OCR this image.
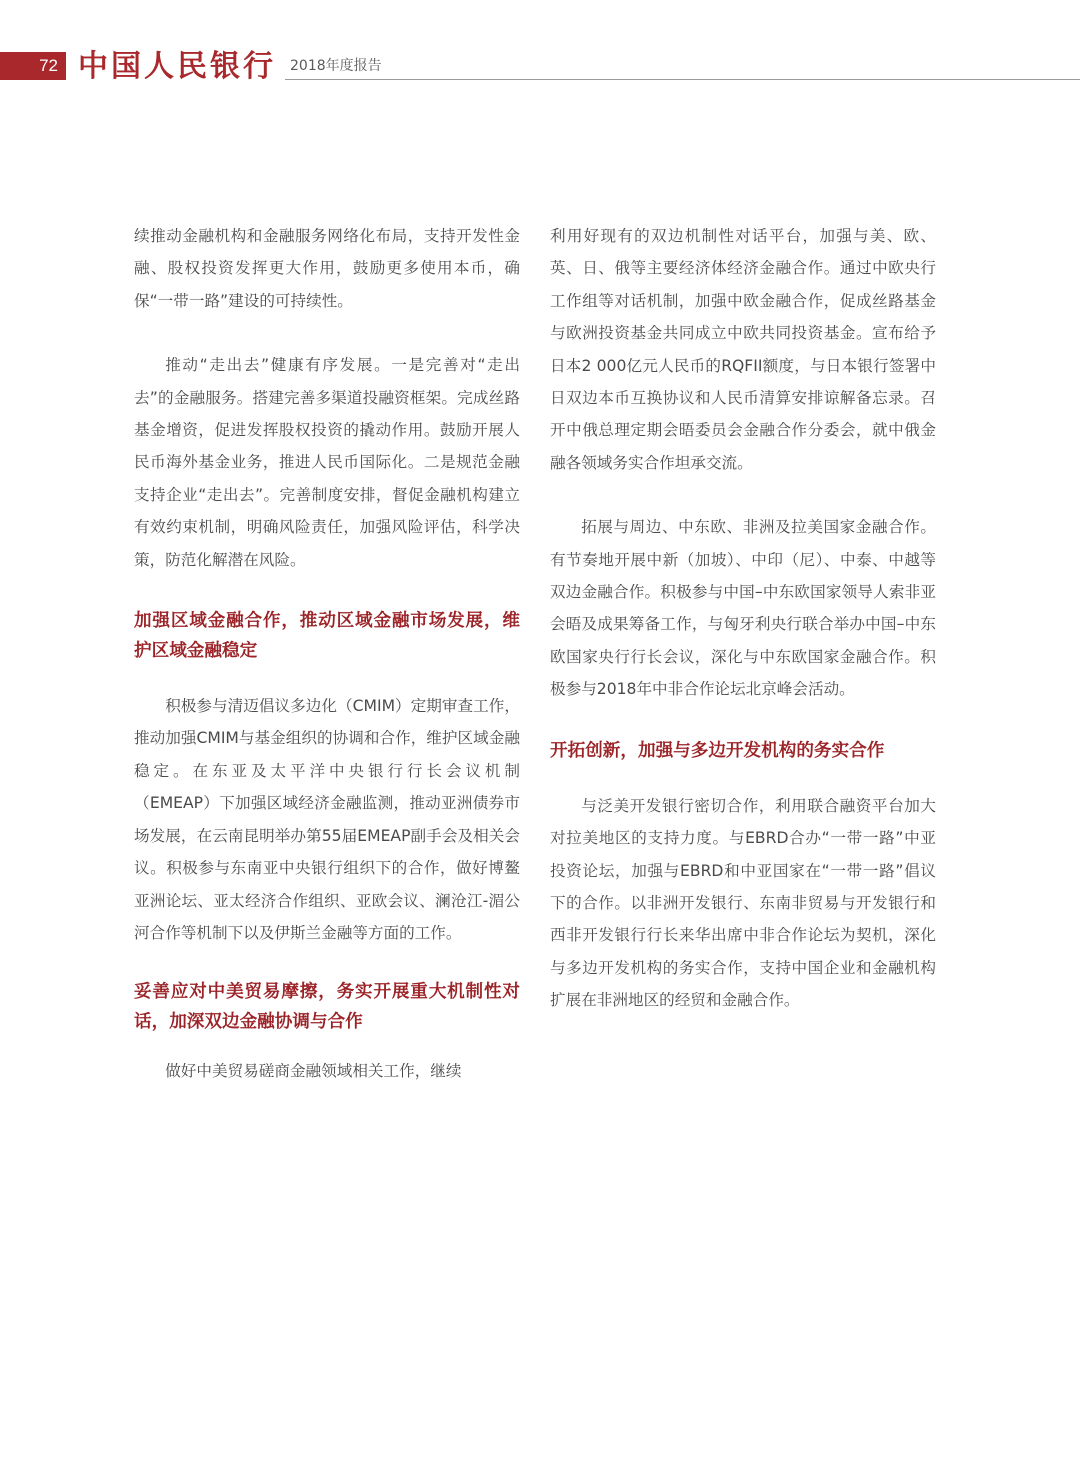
72 中国人民银行 2018年度报告

续推动金融机构和金融服务网络化布局，支持开发性金融、股权投资发挥更大作用，鼓励更多使用本币，确保“一带一路”建设的可持续性。

推动“走出去”健康有序发展。一是完善对“走出去”的金融服务。搭建完善多渠道投融资框架。完成丝路基金增资，促进发挥股权投资的撬动作用。鼓励开展人民币海外基金业务，推进人民币国际化。二是规范金融支持企业“走出去”。完善制度安排，督促金融机构建立有效约束机制，明确风险责任，加强风险评估，科学决策，防范化解潜在风险。

加强区域金融合作，推动区域金融市场发展，维护区域金融稳定

积极参与清迈倡议多边化（CMIM）定期审查工作，推动加强CMIM与基金组织的协调和合作，维护区域金融稳定。在东亚及太平洋中央银行行长会议机制（EMEAP）下加强区域经济金融监测，推动亚洲债券市场发展，在云南昆明举办第55届EMEAP副手会及相关会议。积极参与东南亚中央银行组织下的合作，做好博鳌亚洲论坛、亚太经济合作组织、亚欧会议、澜沧江-湄公河合作等机制下以及伊斯兰金融等方面的工作。

妥善应对中美贸易摩擦，务实开展重大机制性对话，加深双边金融协调与合作

做好中美贸易磋商金融领域相关工作，继续

利用好现有的双边机制性对话平台，加强与美、欧、英、日、俄等主要经济体经济金融合作。通过中欧央行工作组等对话机制，加强中欧金融合作，促成丝路基金与欧洲投资基金共同成立中欧共同投资基金。宣布给予日本2 000亿元人民币的RQFII额度，与日本银行签署中日双边本币互换协议和人民币清算安排谅解备忘录。召开中俄总理定期会晤委员会金融合作分委会，就中俄金融各领域务实合作坦承交流。

拓展与周边、中东欧、非洲及拉美国家金融合作。有节奏地开展中新（加坡）、中印（尼）、中泰、中越等双边金融合作。积极参与中国–中东欧国家领导人索非亚会晤及成果筹备工作，与匈牙利央行联合举办中国–中东欧国家央行行长会议，深化与中东欧国家金融合作。积极参与2018年中非合作论坛北京峰会活动。

开拓创新，加强与多边开发机构的务实合作

与泛美开发银行密切合作，利用联合融资平台加大对拉美地区的支持力度。与EBRD合办“一带一路”中亚投资论坛，加强与EBRD和中亚国家在“一带一路”倡议下的合作。以非洲开发银行、东南非贸易与开发银行和西非开发银行行长来华出席中非合作论坛为契机，深化与多边开发机构的务实合作，支持中国企业和金融机构扩展在非洲地区的经贸和金融合作。
